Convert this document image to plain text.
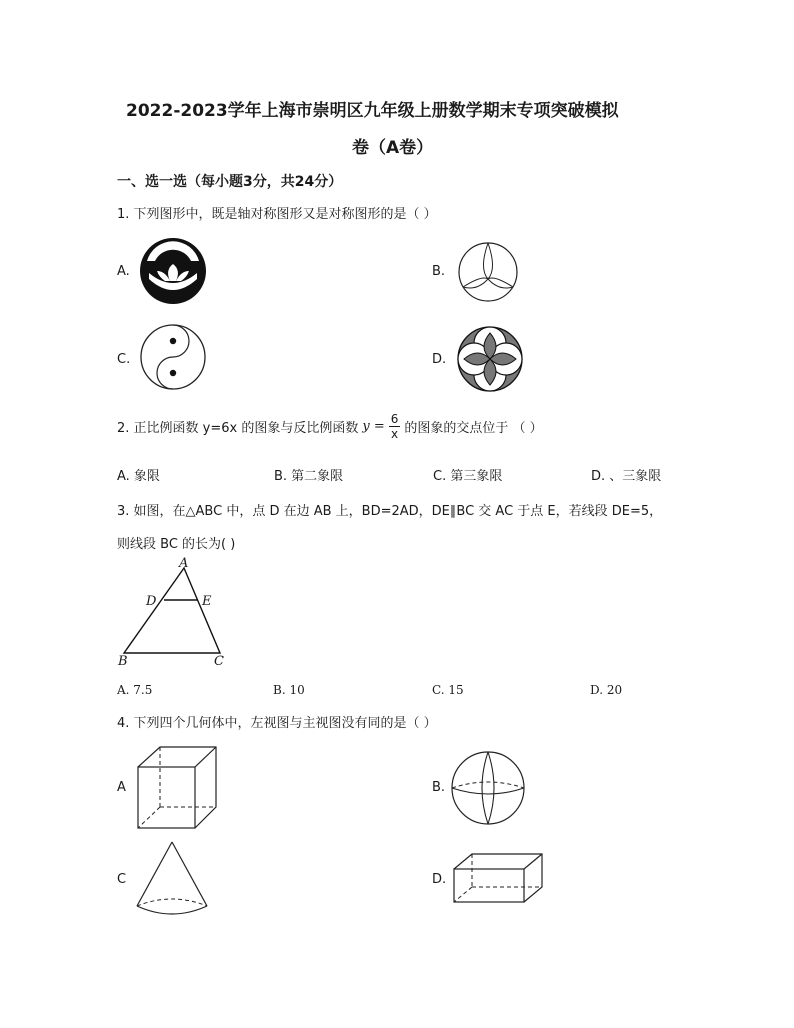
2022-2023学年上海市崇明区九年级上册数学期末专项突破模拟
卷（A卷）
一、选一选（每小题3分，共24分）
1. 下列图形中，既是轴对称图形又是对称图形的是（ ）
A.	B.
C.	D.
2. 正比例函数 y=6x 的图象与反比例函数 $y = \frac{6}{x}$ 的图象的交点位于 （ ）
A. 象限	B. 第二象限	C. 第三象限	D. 、三象限
3. 如图，在△ABC 中，点 D 在边 AB 上，BD=2AD，DE∥BC 交 AC 于点 E，若线段 DE=5，
则线段 BC 的长为( )
A
D	E
B	C
A. 7.5	B. 10	C. 15	D. 20
4. 下列四个几何体中，左视图与主视图没有同的是（ ）
A	B.
C	D.
